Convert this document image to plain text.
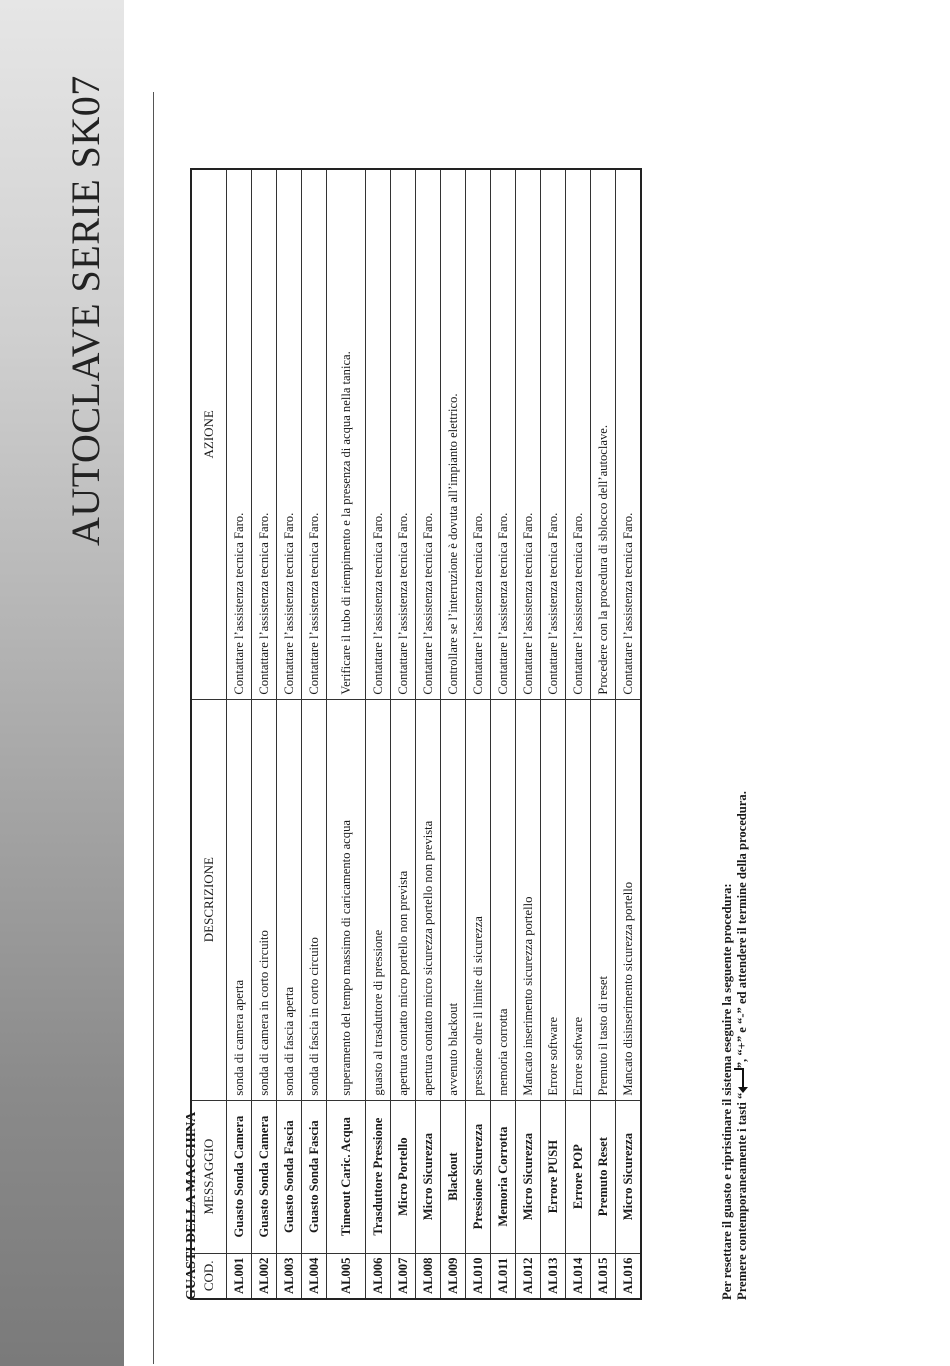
AUTOCLAVE SERIE SK07
GUASTI DELLA MACCHINA COD.	MESSAGGIO	DESCRIZIONE	AZIONE
AL001	Guasto Sonda Camera	sonda di camera aperta	Contattare l’assistenza tecnica Faro.
AL002	Guasto Sonda Camera	sonda di camera in corto circuito	Contattare l’assistenza tecnica Faro.
AL003	Guasto Sonda Fascia	sonda di fascia aperta	Contattare l’assistenza tecnica Faro.
AL004	Guasto Sonda Fascia	sonda di fascia in corto circuito	Contattare l’assistenza tecnica Faro.
AL005	Timeout Caric. Acqua	superamento del tempo massimo di caricamento acqua	Verificare il tubo di riempimento e la presenza di acqua nella tanica.
AL006	Trasduttore Pressione	guasto al trasduttore di pressione	Contattare l’assistenza tecnica Faro.
AL007	Micro Portello	apertura contatto micro portello non prevista	Contattare l’assistenza tecnica Faro.
AL008	Micro Sicurezza	apertura contatto micro sicurezza portello non prevista	Contattare l’assistenza tecnica Faro.
AL009	Blackout	avvenuto blackout	Controllare se l’interruzione è dovuta all’impianto elettrico.
AL010	Pressione Sicurezza	pressione oltre il limite di sicurezza	Contattare l’assistenza tecnica Faro.
AL011	Memoria Corrotta	memoria corrotta	Contattare l’assistenza tecnica Faro.
AL012	Micro Sicurezza	Mancato inserimento sicurezza portello	Contattare l’assistenza tecnica Faro.
AL013	Errore PUSH	Errore software	Contattare l’assistenza tecnica Faro.
AL014	Errore POP	Errore software	Contattare l’assistenza tecnica Faro.
AL015	Premuto Reset	Premuto il tasto di reset	Procedere con la procedura di sblocco dell’autoclave.
AL016	Micro Sicurezza	Mancato disinserimento sicurezza portello	Contattare l’assistenza tecnica Faro.
Per resettare il guasto e ripristinare il sistema eseguire la seguente procedura: Premere contemporaneamente i tasti “”, “+” e “-” ed attendere il termine della procedura.
